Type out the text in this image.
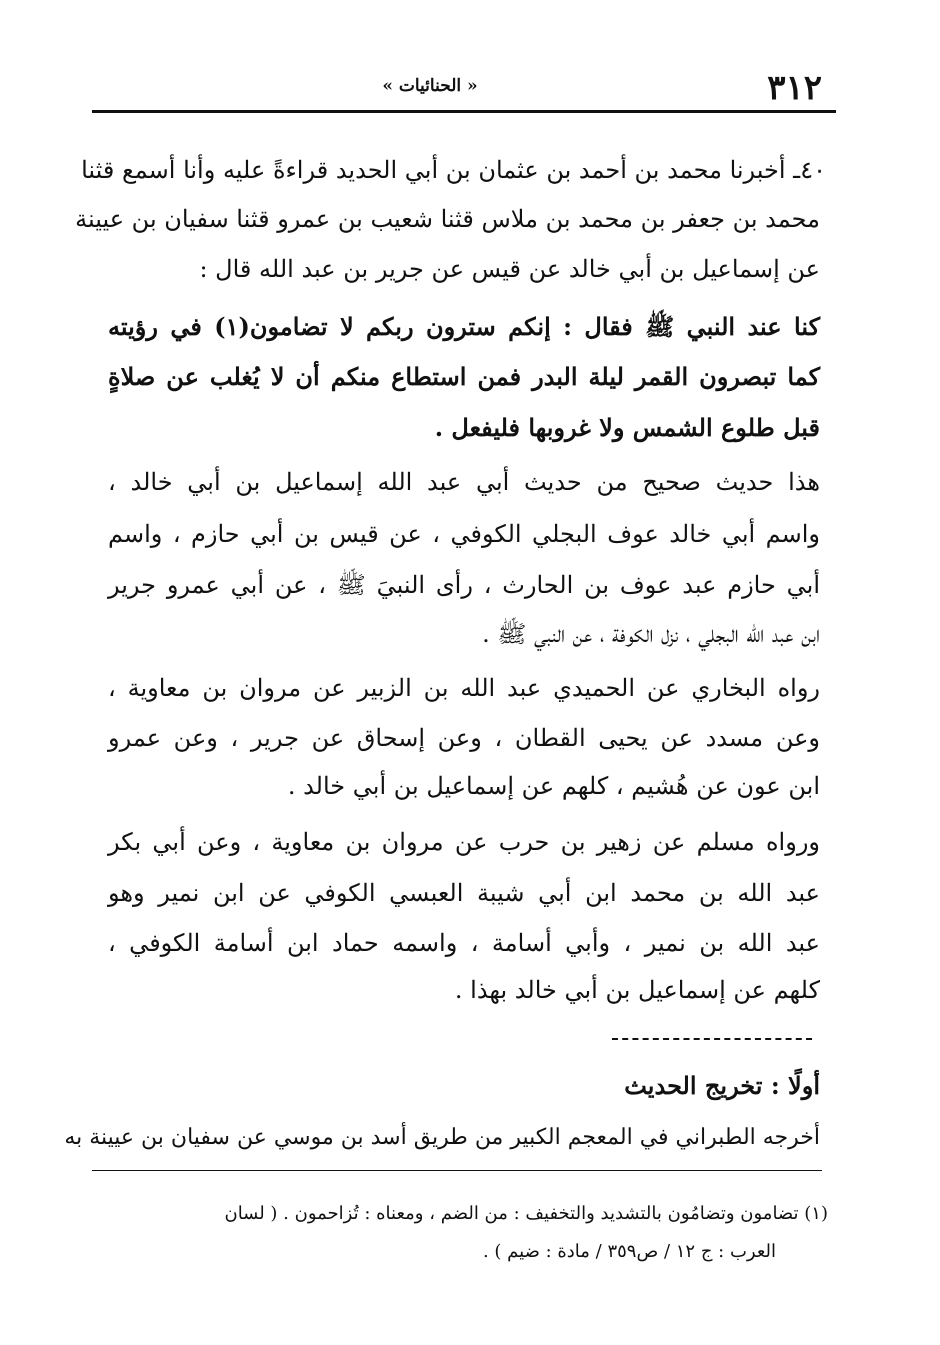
« الحنائيات »	٣١٢
٤٠ـ أخبرنا محمد بن أحمد بن عثمان بن أبي الحديد قراءةً عليه وأنا أسمع قثنا
محمد بن جعفر بن محمد بن ملاس قثنا شعيب بن عمرو قثنا سفيان بن عيينة
عن إسماعيل بن أبي خالد عن قيس عن جرير بن عبد الله قال :
كنا عند النبي ﷺ فقال : إنكم سترون ربكم لا تضامون(١) في رؤيته
كما تبصرون القمر ليلة البدر فمن استطاع منكم أن لا يُغلب عن صلاةٍ
قبل طلوع الشمس ولا غروبها فليفعل .
هذا حديث صحيح من حديث أبي عبد الله إسماعيل بن أبي خالد ،
واسم أبي خالد عوف البجلي الكوفي ، عن قيس بن أبي حازم ، واسم
أبي حازم عبد عوف بن الحارث ، رأى النبيَ ﷺ ، عن أبي عمرو جرير
ابن عبد الله البجلي ، نزل الكوفة ، عن النبي ﷺ .
رواه البخاري عن الحميدي عبد الله بن الزبير عن مروان بن معاوية ،
وعن مسدد عن يحيى القطان ، وعن إسحاق عن جرير ، وعن عمرو
ابن عون عن هُشيم ، كلهم عن إسماعيل بن أبي خالد .
ورواه مسلم عن زهير بن حرب عن مروان بن معاوية ، وعن أبي بكر
عبد الله بن محمد ابن أبي شيبة العبسي الكوفي عن ابن نمير وهو
عبد الله بن نمير ، وأبي أسامة ، واسمه حماد ابن أسامة الكوفي ،
كلهم عن إسماعيل بن أبي خالد بهذا .
أولًا : تخريج الحديث
أخرجه الطبراني في المعجم الكبير من طريق أسد بن موسي عن سفيان بن عيينة به
(١) تضامون وتضامُون بالتشديد والتخفيف : من الضم ، ومعناه : تُزاحمون . ( لسان
العرب : ج ١٢ / ص٣٥٩ / مادة : ضيم ) .
